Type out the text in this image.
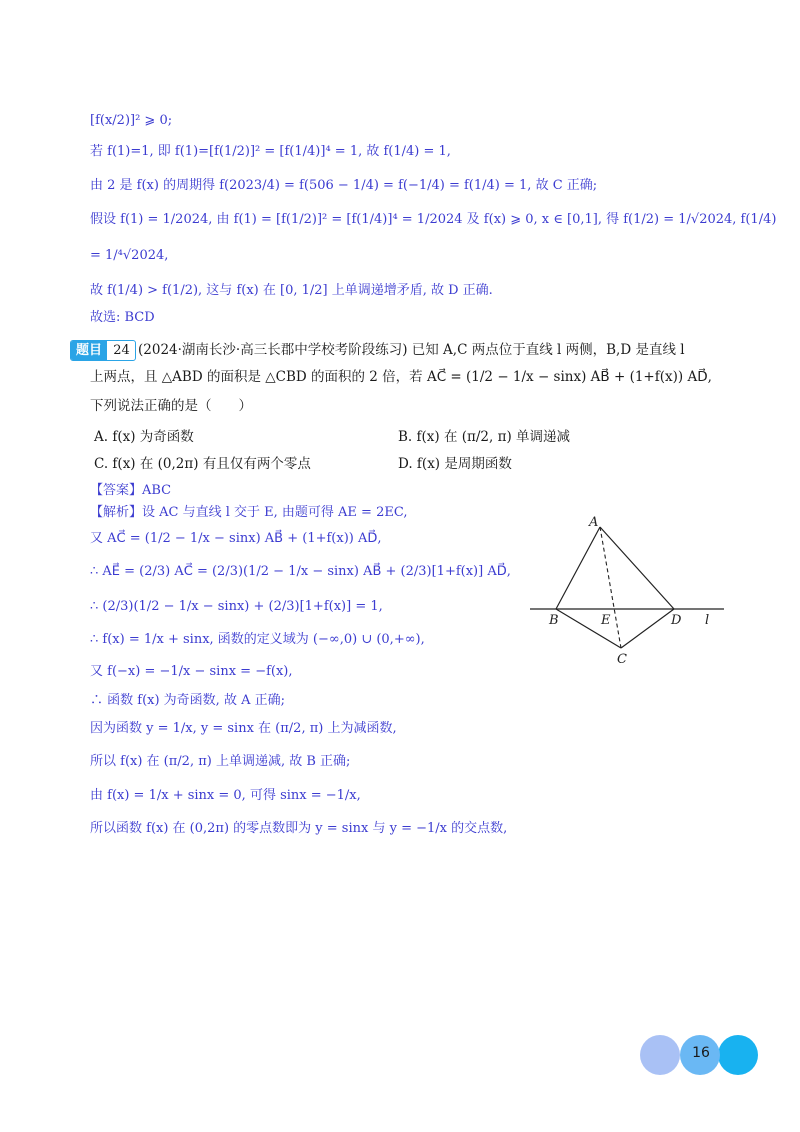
[f(x/2)]² ⩾ 0;
若 f(1)=1, 即 f(1)=[f(1/2)]² = [f(1/4)]⁴ = 1, 故 f(1/4) = 1,
由 2 是 f(x) 的周期得 f(2023/4) = f(506 − 1/4) = f(−1/4) = f(1/4) = 1, 故 C 正确;
假设 f(1) = 1/2024, 由 f(1) = [f(1/2)]² = [f(1/4)]⁴ = 1/2024 及 f(x) ⩾ 0, x ∈ [0,1], 得 f(1/2) = 1/√2024, f(1/4)
= 1/⁴√2024,
故 f(1/4) > f(1/2), 这与 f(x) 在 [0, 1/2] 上单调递增矛盾, 故 D 正确.
故选: BCD
题目 24 (2024·湖南长沙·高三长郡中学校考阶段练习) 已知 A,C 两点位于直线 l 两侧，B,D 是直线 l
上两点，且 △ABD 的面积是 △CBD 的面积的 2 倍，若 AC⃗ = (1/2 − 1/x − sinx) AB⃗ + (1+f(x)) AD⃗,
下列说法正确的是（　　）
A. f(x) 为奇函数	B. f(x) 在 (π/2, π) 单调递减
C. f(x) 在 (0,2π) 有且仅有两个零点	D. f(x) 是周期函数
【答案】ABC
【解析】设 AC 与直线 l 交于 E, 由题可得 AE = 2EC,
又 AC⃗ = (1/2 − 1/x − sinx) AB⃗ + (1+f(x)) AD⃗,
∴ AE⃗ = (2/3) AC⃗ = (2/3)(1/2 − 1/x − sinx) AB⃗ + (2/3)[1+f(x)] AD⃗,
∴ (2/3)(1/2 − 1/x − sinx) + (2/3)[1+f(x)] = 1,
∴ f(x) = 1/x + sinx, 函数的定义域为 (−∞,0) ∪ (0,+∞),
又 f(−x) = −1/x − sinx = −f(x),
∴ 函数 f(x) 为奇函数, 故 A 正确;
因为函数 y = 1/x, y = sinx 在 (π/2, π) 上为减函数,
所以 f(x) 在 (π/2, π) 上单调递减, 故 B 正确;
由 f(x) = 1/x + sinx = 0, 可得 sinx = −1/x,
所以函数 f(x) 在 (0,2π) 的零点数即为 y = sinx 与 y = −1/x 的交点数,
A
B	E	D
C
l
16
